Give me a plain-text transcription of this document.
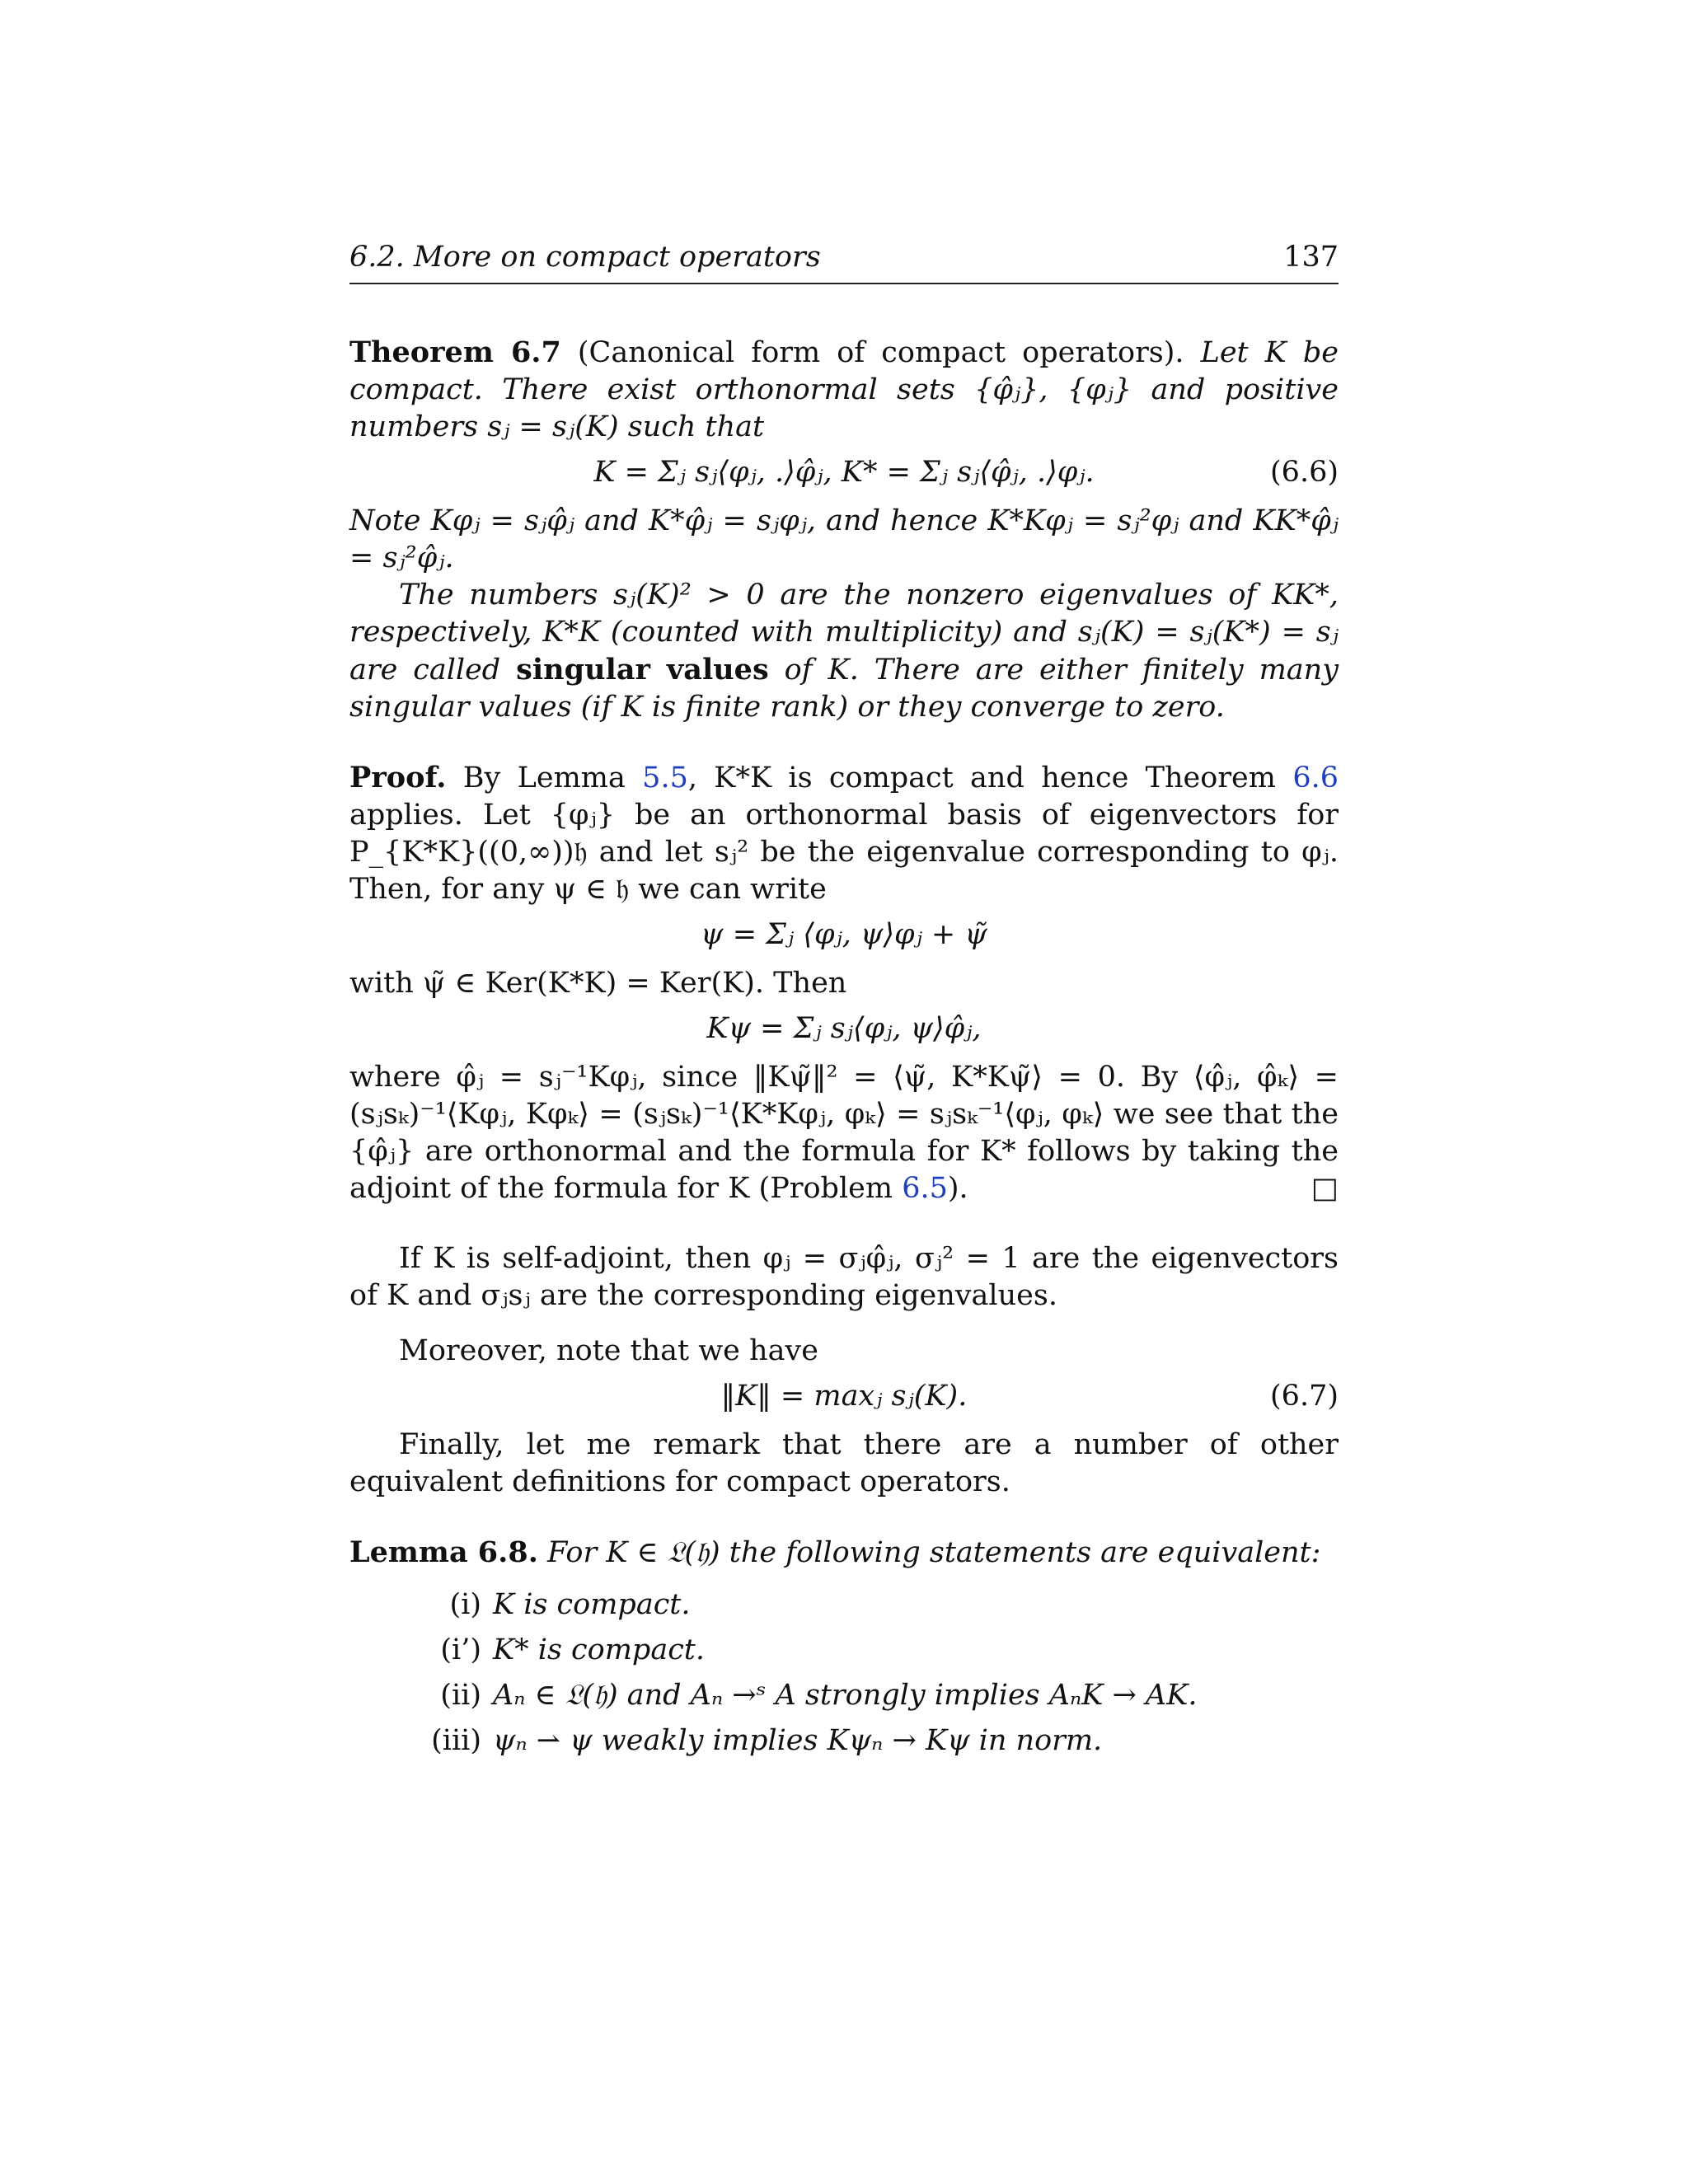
6.2. More on compact operators	137

Theorem 6.7 (Canonical form of compact operators). Let K be compact. There exist orthonormal sets {φ̂ⱼ}, {φⱼ} and positive numbers sⱼ = sⱼ(K) such that

K = Σⱼ sⱼ⟨φⱼ, .⟩φ̂ⱼ, K* = Σⱼ sⱼ⟨φ̂ⱼ, .⟩φⱼ.	(6.6)

Note Kφⱼ = sⱼφ̂ⱼ and K*φ̂ⱼ = sⱼφⱼ, and hence K*Kφⱼ = sⱼ²φⱼ and KK*φ̂ⱼ = sⱼ²φ̂ⱼ.

The numbers sⱼ(K)² > 0 are the nonzero eigenvalues of KK*, respectively, K*K (counted with multiplicity) and sⱼ(K) = sⱼ(K*) = sⱼ are called singular values of K. There are either finitely many singular values (if K is finite rank) or they converge to zero.

Proof. By Lemma 5.5, K*K is compact and hence Theorem 6.6 applies. Let {φⱼ} be an orthonormal basis of eigenvectors for P_{K*K}((0,∞))𝔥 and let sⱼ² be the eigenvalue corresponding to φⱼ. Then, for any ψ ∈ 𝔥 we can write

ψ = Σⱼ ⟨φⱼ, ψ⟩φⱼ + ψ̃

with ψ̃ ∈ Ker(K*K) = Ker(K). Then

Kψ = Σⱼ sⱼ⟨φⱼ, ψ⟩φ̂ⱼ,

where φ̂ⱼ = sⱼ⁻¹Kφⱼ, since ‖Kψ̃‖² = ⟨ψ̃, K*Kψ̃⟩ = 0. By ⟨φ̂ⱼ, φ̂ₖ⟩ = (sⱼsₖ)⁻¹⟨Kφⱼ, Kφₖ⟩ = (sⱼsₖ)⁻¹⟨K*Kφⱼ, φₖ⟩ = sⱼsₖ⁻¹⟨φⱼ, φₖ⟩ we see that the {φ̂ⱼ} are orthonormal and the formula for K* follows by taking the adjoint of the formula for K (Problem 6.5).	□

If K is self-adjoint, then φⱼ = σⱼφ̂ⱼ, σⱼ² = 1 are the eigenvectors of K and σⱼsⱼ are the corresponding eigenvalues.

Moreover, note that we have

‖K‖ = maxⱼ sⱼ(K).	(6.7)

Finally, let me remark that there are a number of other equivalent definitions for compact operators.

Lemma 6.8. For K ∈ 𝔏(𝔥) the following statements are equivalent:

(i) K is compact.
(i’) K* is compact.
(ii) Aₙ ∈ 𝔏(𝔥) and Aₙ →ˢ A strongly implies AₙK → AK.
(iii) ψₙ ⇀ ψ weakly implies Kψₙ → Kψ in norm.
